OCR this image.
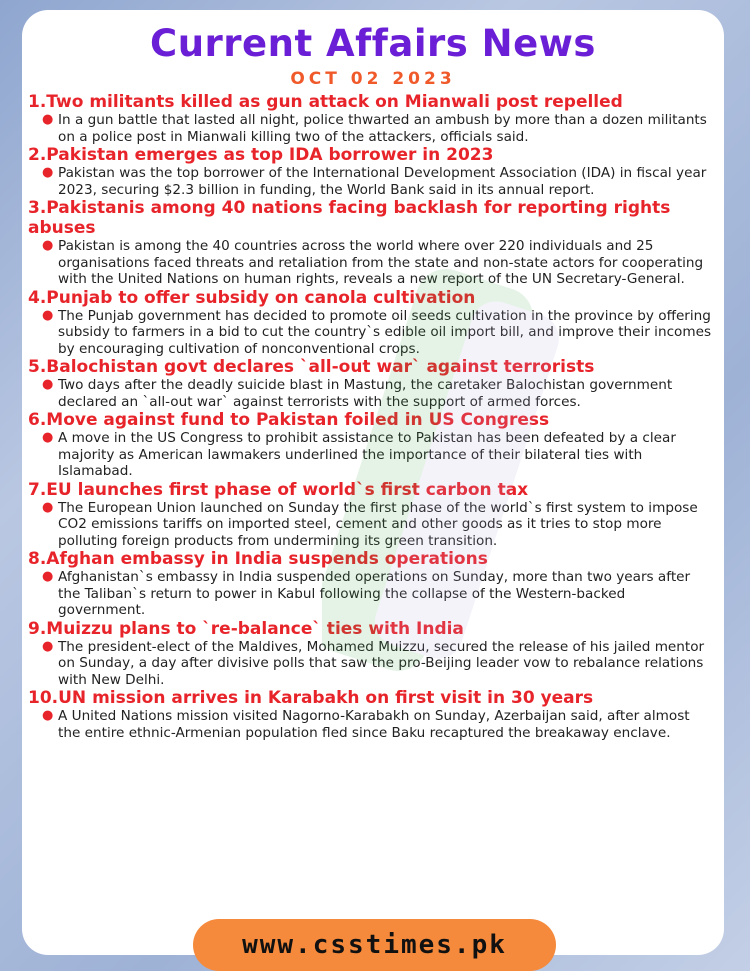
Current Affairs News
OCT 02 2023
1.Two militants killed as gun attack on Mianwali post repelled
● In a gun battle that lasted all night, police thwarted an ambush by more than a dozen militants on a police post in Mianwali killing two of the attackers, officials said.
2.Pakistan emerges as top IDA borrower in 2023
● Pakistan was the top borrower of the International Development Association (IDA) in fiscal year 2023, securing $2.3 billion in funding, the World Bank said in its annual report.
3.Pakistanis among 40 nations facing backlash for reporting rights abuses
● Pakistan is among the 40 countries across the world where over 220 individuals and 25 organisations faced threats and retaliation from the state and non-state actors for cooperating with the United Nations on human rights, reveals a new report of the UN Secretary-General.
4.Punjab to offer subsidy on canola cultivation
● The Punjab government has decided to promote oil seeds cultivation in the province by offering subsidy to farmers in a bid to cut the country`s edible oil import bill, and improve their incomes by encouraging cultivation of nonconventional crops.
5.Balochistan govt declares `all-out war` against terrorists
● Two days after the deadly suicide blast in Mastung, the caretaker Balochistan government declared an `all-out war` against terrorists with the support of armed forces.
6.Move against fund to Pakistan foiled in US Congress
● A move in the US Congress to prohibit assistance to Pakistan has been defeated by a clear majority as American lawmakers underlined the importance of their bilateral ties with Islamabad.
7.EU launches first phase of world`s first carbon tax
● The European Union launched on Sunday the first phase of the world`s first system to impose CO2 emissions tariffs on imported steel, cement and other goods as it tries to stop more polluting foreign products from undermining its green transition.
8.Afghan embassy in India suspends operations
● Afghanistan`s embassy in India suspended operations on Sunday, more than two years after the Taliban`s return to power in Kabul following the collapse of the Western-backed government.
9.Muizzu plans to `re-balance` ties with India
● The president-elect of the Maldives, Mohamed Muizzu, secured the release of his jailed mentor on Sunday, a day after divisive polls that saw the pro-Beijing leader vow to rebalance relations with New Delhi.
10.UN mission arrives in Karabakh on first visit in 30 years
● A United Nations mission visited Nagorno-Karabakh on Sunday, Azerbaijan said, after almost the entire ethnic-Armenian population fled since Baku recaptured the breakaway enclave.
www.csstimes.pk
